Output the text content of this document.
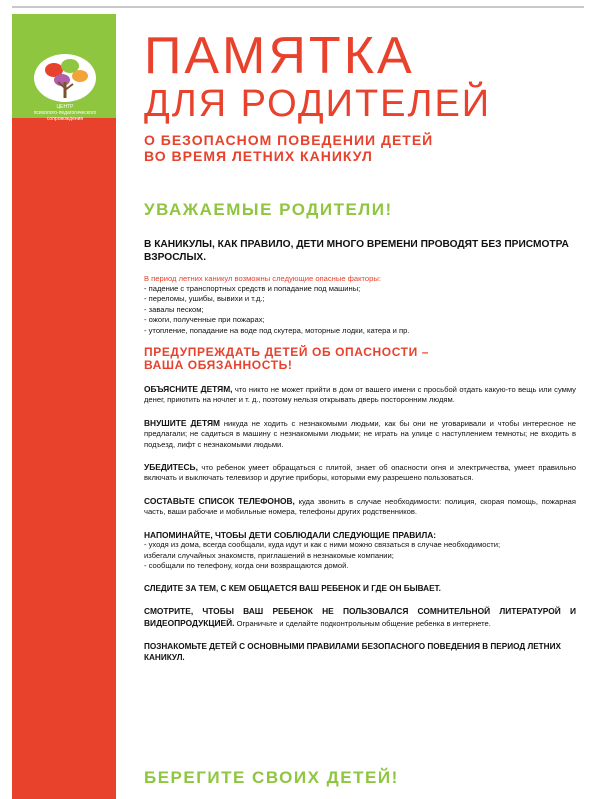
ЦЕНТР
психолого-педагогического
сопровождения
ПАМЯТКА
ДЛЯ РОДИТЕЛЕЙ
О БЕЗОПАСНОМ ПОВЕДЕНИИ ДЕТЕЙ
ВО ВРЕМЯ ЛЕТНИХ КАНИКУЛ
УВАЖАЕМЫЕ РОДИТЕЛИ!
В КАНИКУЛЫ, КАК ПРАВИЛО, ДЕТИ МНОГО ВРЕМЕНИ ПРОВОДЯТ БЕЗ ПРИСМОТРА ВЗРОСЛЫХ.
В период летних каникул возможны следующие опасные факторы:
- падение с транспортных средств и попадание под машины;
- переломы, ушибы, вывихи и т.д.;
- завалы песком;
- ожоги, полученные при пожарах;
- утопление, попадание на воде под скутера, моторные лодки, катера и пр.
ПРЕДУПРЕЖДАТЬ ДЕТЕЙ ОБ ОПАСНОСТИ –
ВАША ОБЯЗАННОСТЬ!
ОБЪЯСНИТЕ ДЕТЯМ, что никто не может прийти в дом от вашего имени с просьбой отдать какую-то вещь или сумму денег, приютить на ночлег и т. д., поэтому нельзя открывать дверь посторонним людям.
ВНУШИТЕ ДЕТЯМ никуда не ходить с незнакомыми людьми, как бы они не уговаривали и чтобы интересное не предлагали; не садиться в машину с незнакомыми людьми; не играть на улице с наступлением темноты; не входить в подъезд, лифт с незнакомыми людьми.
УБЕДИТЕСЬ, что ребенок умеет обращаться с плитой, знает об опасности огня и электричества, умеет правильно включать и выключать телевизор и другие приборы, которыми ему разрешено пользоваться.
СОСТАВЬТЕ СПИСОК ТЕЛЕФОНОВ, куда звонить в случае необходимости: полиция, скорая помощь, пожарная часть, ваши рабочие и мобильные номера, телефоны других родственников.
НАПОМИНАЙТЕ, ЧТОБЫ ДЕТИ СОБЛЮДАЛИ СЛЕДУЮЩИЕ ПРАВИЛА:
- уходя из дома, всегда сообщали, куда идут и как с ними можно связаться в случае необходимости;
избегали случайных знакомств, приглашений в незнакомые компании;
- сообщали по телефону, когда они возвращаются домой.
СЛЕДИТЕ ЗА ТЕМ, С КЕМ ОБЩАЕТСЯ ВАШ РЕБЕНОК И ГДЕ ОН БЫВАЕТ.
СМОТРИТЕ, ЧТОБЫ ВАШ РЕБЕНОК НЕ ПОЛЬЗОВАЛСЯ СОМНИТЕЛЬНОЙ ЛИТЕРАТУРОЙ И ВИДЕОПРОДУКЦИЕЙ. Ограничьте и сделайте подконтрольным общение ребенка в интернете.
ПОЗНАКОМЬТЕ ДЕТЕЙ С ОСНОВНЫМИ ПРАВИЛАМИ БЕЗОПАСНОГО ПОВЕДЕНИЯ В ПЕРИОД ЛЕТНИХ КАНИКУЛ.
БЕРЕГИТЕ СВОИХ ДЕТЕЙ!
